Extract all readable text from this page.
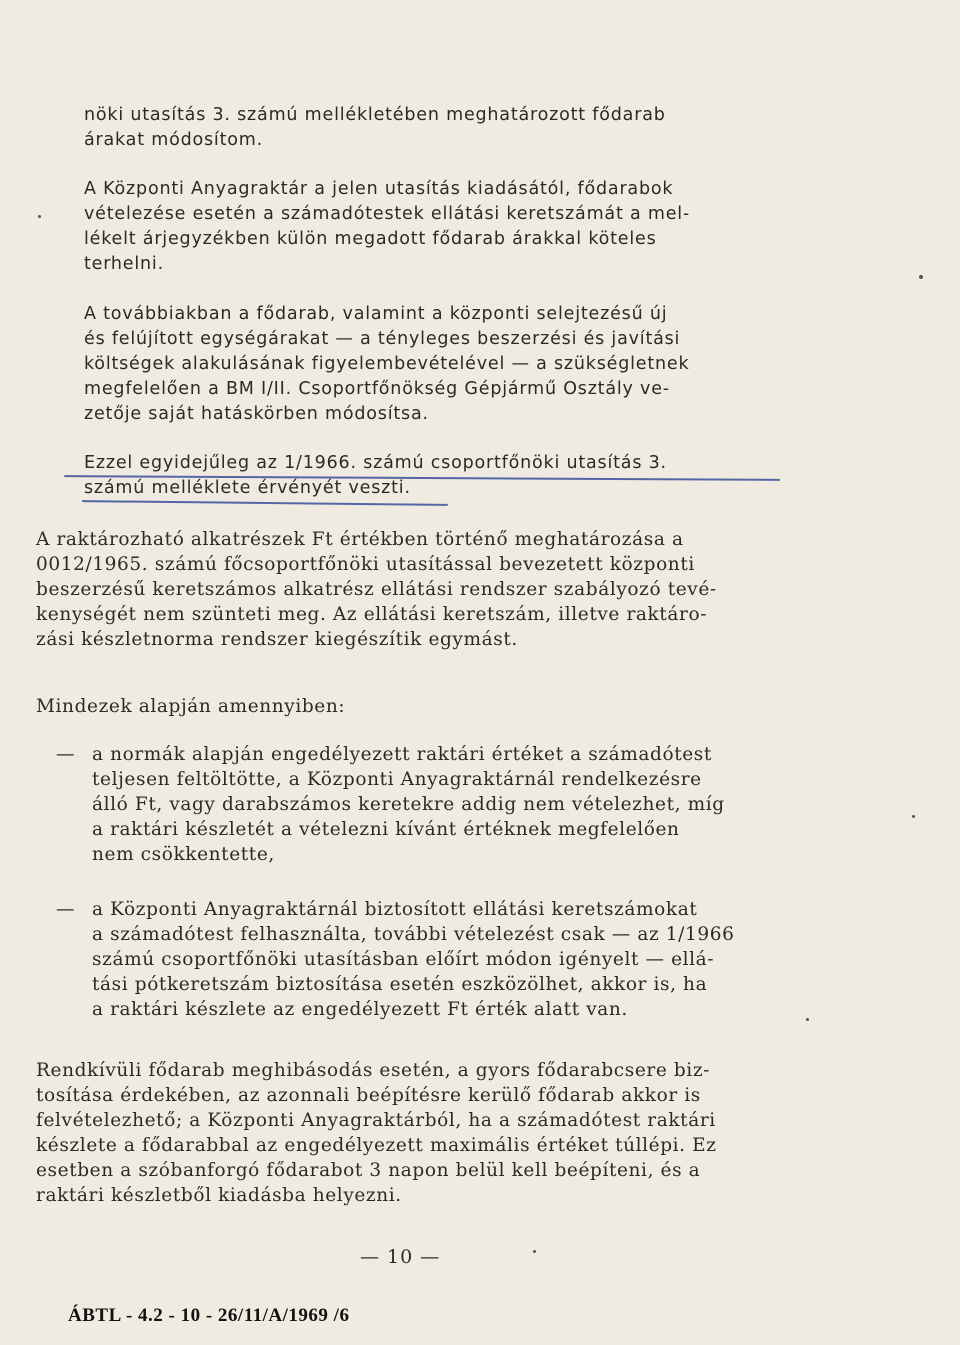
nöki utasítás 3. számú mellékletében meghatározott fődarab
árakat módosítom.
A Központi Anyagraktár a jelen utasítás kiadásától, fődarabok
vételezése esetén a számadótestek ellátási keretszámát a mel-
lékelt árjegyzékben külön megadott fődarab árakkal köteles
terhelni.
A továbbiakban a fődarab, valamint a központi selejtezésű új
és felújított egységárakat — a tényleges beszerzési és javítási
költségek alakulásának figyelembevételével — a szükségletnek
megfelelően a BM I/II. Csoportfőnökség Gépjármű Osztály ve-
zetője saját hatáskörben módosítsa.
Ezzel egyidejűleg az 1/1966. számú csoportfőnöki utasítás 3.
számú melléklete érvényét veszti.
A raktározható alkatrészek Ft értékben történő meghatározása a
0012/1965. számú főcsoportfőnöki utasítással bevezetett központi
beszerzésű keretszámos alkatrész ellátási rendszer szabályozó tevé-
kenységét nem szünteti meg. Az ellátási keretszám, illetve raktáro-
zási készletnorma rendszer kiegészítik egymást.
Mindezek alapján amennyiben:
a normák alapján engedélyezett raktári értéket a számadótest
teljesen feltöltötte, a Központi Anyagraktárnál rendelkezésre
álló Ft, vagy darabszámos keretekre addig nem vételezhet, míg
a raktári készletét a vételezni kívánt értéknek megfelelően
nem csökkentette,
—
a Központi Anyagraktárnál biztosított ellátási keretszámokat
a számadótest felhasználta, további vételezést csak — az 1/1966
számú csoportfőnöki utasításban előírt módon igényelt — ellá-
tási pótkeretszám biztosítása esetén eszközölhet, akkor is, ha
a raktári készlete az engedélyezett Ft érték alatt van.
—
Rendkívüli fődarab meghibásodás esetén, a gyors fődarabcsere biz-
tosítása érdekében, az azonnali beépítésre kerülő fődarab akkor is
felvételezhető; a Központi Anyagraktárból, ha a számadótest raktári
készlete a fődarabbal az engedélyezett maximális értéket túllépi. Ez
esetben a szóbanforgó fődarabot 3 napon belül kell beépíteni, és a
raktári készletből kiadásba helyezni.
— 10 —
ÁBTL - 4.2 - 10 - 26/11/A/1969 /6
